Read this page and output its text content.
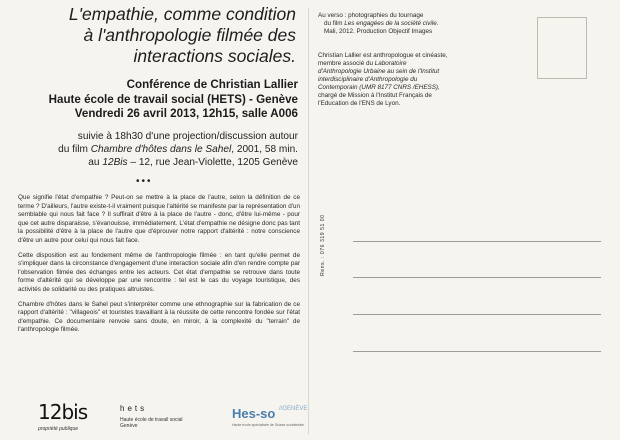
L'empathie, comme condition
à l'anthropologie filmée des
interactions sociales.
Conférence de Christian Lallier
Haute école de travail social (HETS) - Genève
Vendredi 26 avril 2013, 12h15, salle A006
suivie à 18h30 d'une projection/discussion autour
du film Chambre d'hôtes dans le Sahel, 2001, 58 min.
au 12Bis – 12, rue Jean-Violette, 1205 Genève
•••

Que signifie l'état d'empathie ? Peut-on se mettre à la place de l'autre, selon la définition de ce terme ? D'ailleurs, l'autre existe-t-il vraiment puisque l'altérité se manifeste par la représentation d'un semblable qui nous fait face ? Il suffirait d'être à la place de l'autre - donc, d'être lui-même - pour que cet autre disparaisse, s'évanouisse, immédiatement. L'état d'empathie ne désigne donc pas tant la possibilité d'être à la place de l'autre que d'éprouver notre rapport d'altérité : notre conscience d'être un autre pour celui qui nous fait face.

Cette disposition est au fondement même de l'anthropologie filmée : en tant qu'elle permet de s'impliquer dans la circonstance d'engagement d'une interaction sociale afin d'en rendre compte par l'observation filmée des échanges entre les acteurs. Cet état d'empathie se retrouve dans toute forme d'altérité qui se développe par une rencontre : tel est le cas du voyage touristique, des activités de solidarité ou des pratiques altruistes.

Chambre d'hôtes dans le Sahel peut s'interpréter comme une ethnographie sur la fabrication de ce rapport d'altérité : "villageois" et touristes travaillant à la réussite de cette rencontre fondée sur l'état d'empathie. Ce documentaire renvoie sans doute, en miroir, à la complexité du "terrain" de l'anthropologie filmée.

12bis
propriété publique
hets
Haute école de travail social
Genève
Hes-so $^{//GENÈVE}$
Haute école spécialisée de Suisse occidentale
Au verso : photographies du tournage
du film Les engagées de la société civile.
Mali, 2012. Production Objectif Images
Christian Lallier est anthropologue et cinéaste,
membre associé du Laboratoire
d'Anthropologie Urbaine au sein de l'Institut
interdisciplinaire d'Anthropologie du
Contemporain (UMR 8177 CNRS /EHESS),
chargé de Mission à l'Institut Français de
l'Education de l'ENS de Lyon.
Rens. : 076 319 51 00
